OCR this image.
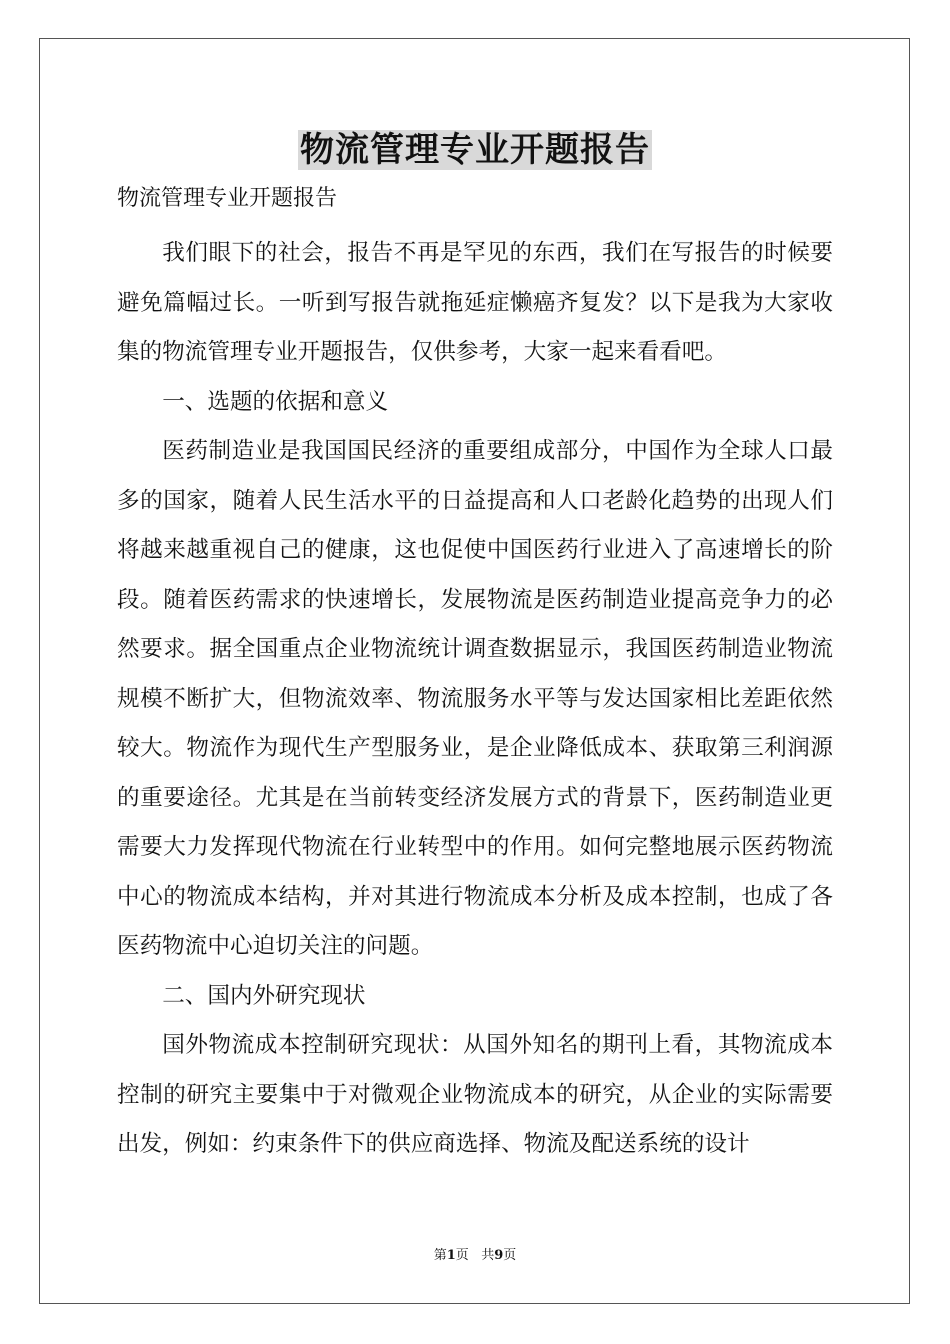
物流管理专业开题报告
物流管理专业开题报告

我们眼下的社会，报告不再是罕见的东西，我们在写报告的时候要避免篇幅过长。一听到写报告就拖延症懒癌齐复发？以下是我为大家收集的物流管理专业开题报告，仅供参考，大家一起来看看吧。

一、选题的依据和意义

医药制造业是我国国民经济的重要组成部分，中国作为全球人口最多的国家，随着人民生活水平的日益提高和人口老龄化趋势的出现人们将越来越重视自己的健康，这也促使中国医药行业进入了高速增长的阶段。随着医药需求的快速增长，发展物流是医药制造业提高竞争力的必然要求。据全国重点企业物流统计调查数据显示，我国医药制造业物流规模不断扩大，但物流效率、物流服务水平等与发达国家相比差距依然较大。物流作为现代生产型服务业，是企业降低成本、获取第三利润源的重要途径。尤其是在当前转变经济发展方式的背景下，医药制造业更需要大力发挥现代物流在行业转型中的作用。如何完整地展示医药物流中心的物流成本结构，并对其进行物流成本分析及成本控制，也成了各医药物流中心迫切关注的问题。

二、国内外研究现状

国外物流成本控制研究现状：从国外知名的期刊上看，其物流成本控制的研究主要集中于对微观企业物流成本的研究，从企业的实际需要出发，例如：约束条件下的供应商选择、物流及配送系统的设计

第1页 共9页
